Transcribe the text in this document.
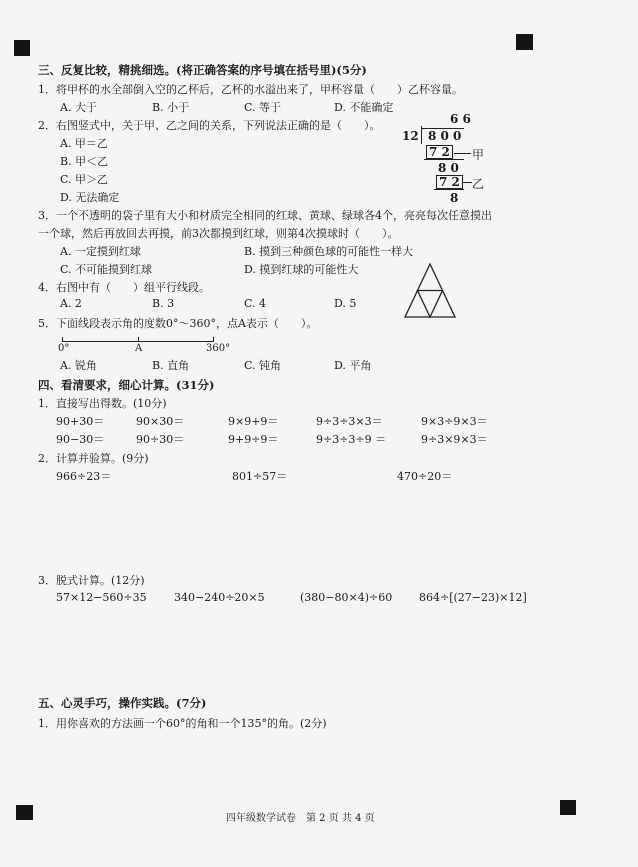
三、反复比较，精挑细选。(将正确答案的序号填在括号里)(5分)
1．将甲杯的水全部倒入空的乙杯后，乙杯的水溢出来了，甲杯容量（　　）乙杯容量。
A. 大于	B. 小于	C. 等于	D. 不能确定
2．右图竖式中，关于甲、乙之间的关系，下列说法正确的是（　　）。
A. 甲＝乙
B. 甲＜乙
C. 甲＞乙
D. 无法确定
6 6
12 8 0 0
7 2 甲
8 0
7 2 乙
8
3．一个不透明的袋子里有大小和材质完全相同的红球、黄球、绿球各4个，亮亮每次任意摸出
一个球，然后再放回去再摸，前3次都摸到红球，则第4次摸球时（　　）。
A. 一定摸到红球	B. 摸到三种颜色球的可能性一样大
C. 不可能摸到红球	D. 摸到红球的可能性大
4．右图中有（　　）组平行线段。
A. 2	B. 3	C. 4	D. 5
5．下面线段表示角的度数0°～360°，点A表示（　　）。
0°	A	360°
A. 锐角	B. 直角	C. 钝角	D. 平角
四、看清要求，细心计算。(31分)
1．直接写出得数。(10分)
90+30＝	90×30＝	9×9+9＝	9÷3÷3×3＝	9×3÷9×3＝
90−30＝	90÷30＝	9+9÷9＝	9÷3÷3÷9 ＝	9÷3×9×3＝
2．计算并验算。(9分)
966÷23＝	801÷57＝	470÷20＝
3．脱式计算。(12分)
57×12−560÷35 340−240÷20×5	(380−80×4)÷60 864÷[(27−23)×12]
五、心灵手巧，操作实践。(7分)
1．用你喜欢的方法画一个60°的角和一个135°的角。(2分)
四年级数学试卷　第 2 页 共 4 页
